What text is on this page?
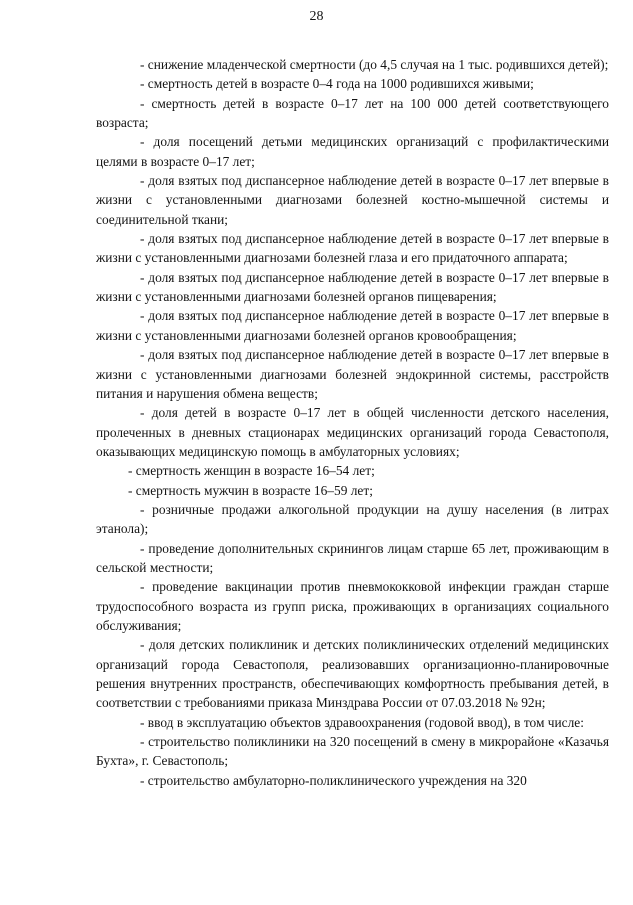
28

- снижение младенческой смертности (до 4,5 случая на 1 тыс. родившихся детей);

- смертность детей в возрасте 0–4 года на 1000 родившихся живыми;

- смертность детей в возрасте 0–17 лет на 100 000 детей соответствующего возраста;

- доля посещений детьми медицинских организаций с профилактическими целями в возрасте 0–17 лет;

- доля взятых под диспансерное наблюдение детей в возрасте 0–17 лет впервые в жизни с установленными диагнозами болезней костно-мышечной системы и соединительной ткани;

- доля взятых под диспансерное наблюдение детей в возрасте 0–17 лет впервые в жизни с установленными диагнозами болезней глаза и его придаточного аппарата;

- доля взятых под диспансерное наблюдение детей в возрасте 0–17 лет впервые в жизни с установленными диагнозами болезней органов пищеварения;

- доля взятых под диспансерное наблюдение детей в возрасте 0–17 лет впервые в жизни с установленными диагнозами болезней органов кровообращения;

- доля взятых под диспансерное наблюдение детей в возрасте 0–17 лет впервые в жизни с установленными диагнозами болезней эндокринной системы, расстройств питания и нарушения обмена веществ;

- доля детей в возрасте 0–17 лет в общей численности детского населения, пролеченных в дневных стационарах медицинских организаций города Севастополя, оказывающих медицинскую помощь в амбулаторных условиях;

- смертность женщин в возрасте 16–54 лет;

- смертность мужчин в возрасте 16–59 лет;

- розничные продажи алкогольной продукции на душу населения (в литрах этанола);

- проведение дополнительных скринингов лицам старше 65 лет, проживающим в сельской местности;

- проведение вакцинации против пневмококковой инфекции граждан старше трудоспособного возраста из групп риска, проживающих в организациях социального обслуживания;

- доля детских поликлиник и детских поликлинических отделений медицинских организаций города Севастополя, реализовавших организационно-планировочные решения внутренних пространств, обеспечивающих комфортность пребывания детей, в соответствии с требованиями приказа Минздрава России от 07.03.2018 № 92н;

- ввод в эксплуатацию объектов здравоохранения (годовой ввод), в том числе:

- строительство поликлиники на 320 посещений в смену в микрорайоне «Казачья Бухта», г. Севастополь;

- строительство амбулаторно-поликлинического учреждения на 320
